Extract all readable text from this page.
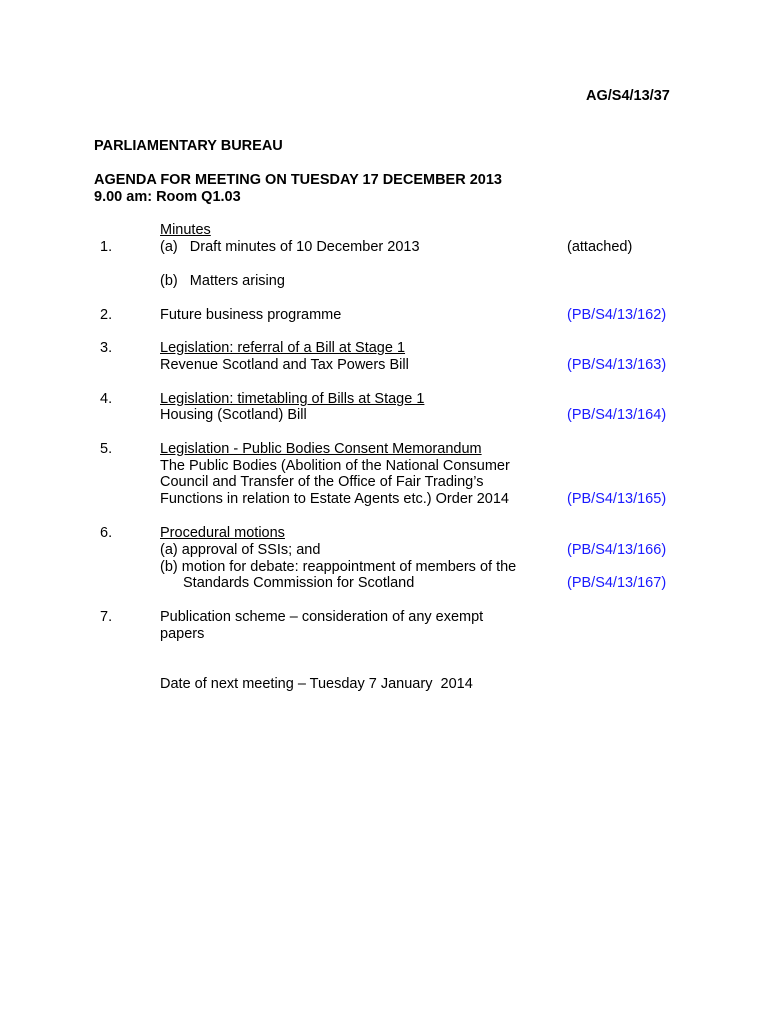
AG/S4/13/37
PARLIAMENTARY BUREAU
AGENDA FOR MEETING ON TUESDAY 17 DECEMBER 2013
9.00 am: Room Q1.03
Minutes
1.	(a)   Draft minutes of 10 December 2013	(attached)
(b)   Matters arising
2.	Future business programme	(PB/S4/13/162)
3.	Legislation: referral of a Bill at Stage 1
Revenue Scotland and Tax Powers Bill	(PB/S4/13/163)
4.	Legislation: timetabling of Bills at Stage 1
Housing (Scotland) Bill	(PB/S4/13/164)
5.	Legislation - Public Bodies Consent Memorandum
The Public Bodies (Abolition of the National Consumer
Council and Transfer of the Office of Fair Trading’s
Functions in relation to Estate Agents etc.) Order 2014	(PB/S4/13/165)
6.	Procedural motions
(a) approval of SSIs; and	(PB/S4/13/166)
(b) motion for debate: reappointment of members of the
Standards Commission for Scotland	(PB/S4/13/167)
7.	Publication scheme – consideration of any exempt
papers
Date of next meeting – Tuesday 7 January  2014
